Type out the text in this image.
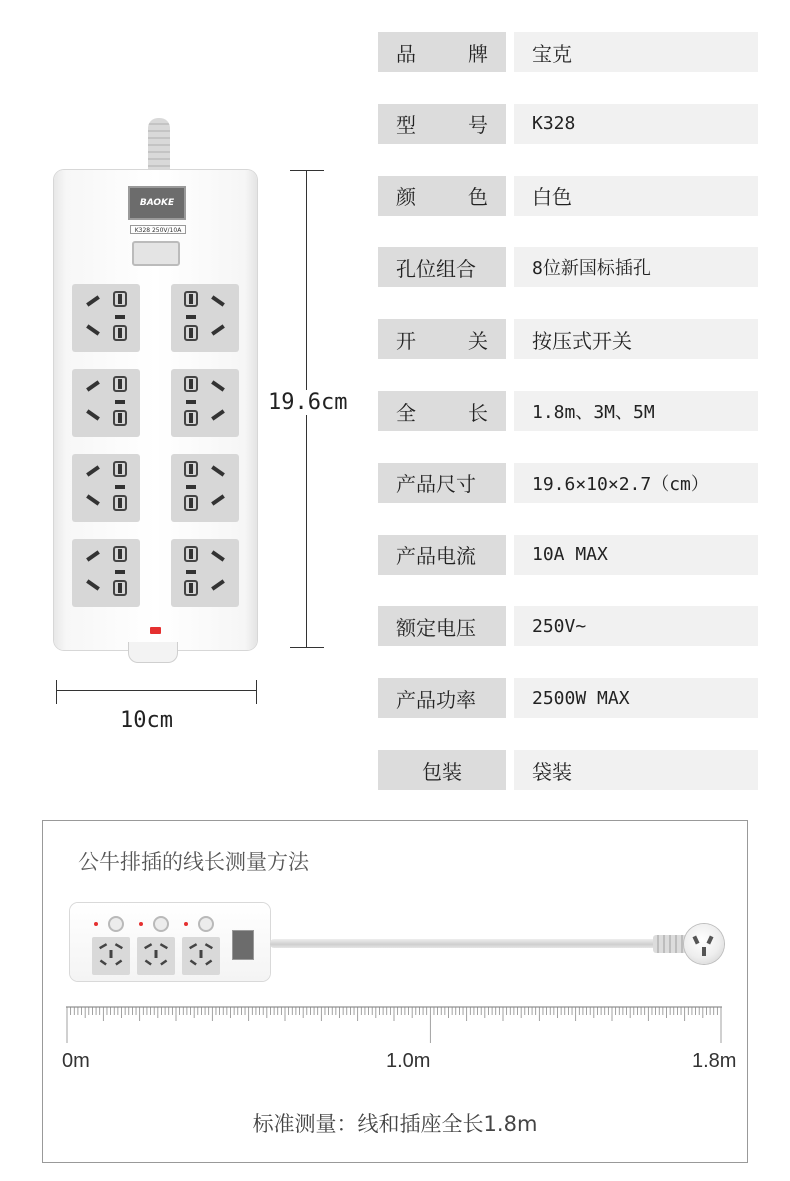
BAOKE
K328 250V/10A
19.6cm
10cm
品	牌	宝克
型	号	K328
颜	色	白色
孔位组合	8位新国标插孔
开	关	按压式开关
全	长	1.8m、3M、5M
产品尺寸	19.6×10×2.7（cm）
产品电流	10A MAX
额定电压	250V~
产品功率	2500W MAX
包装	袋装
公牛排插的线长测量方法
0m	1.0m	1.8m
标准测量：线和插座全长1.8m
